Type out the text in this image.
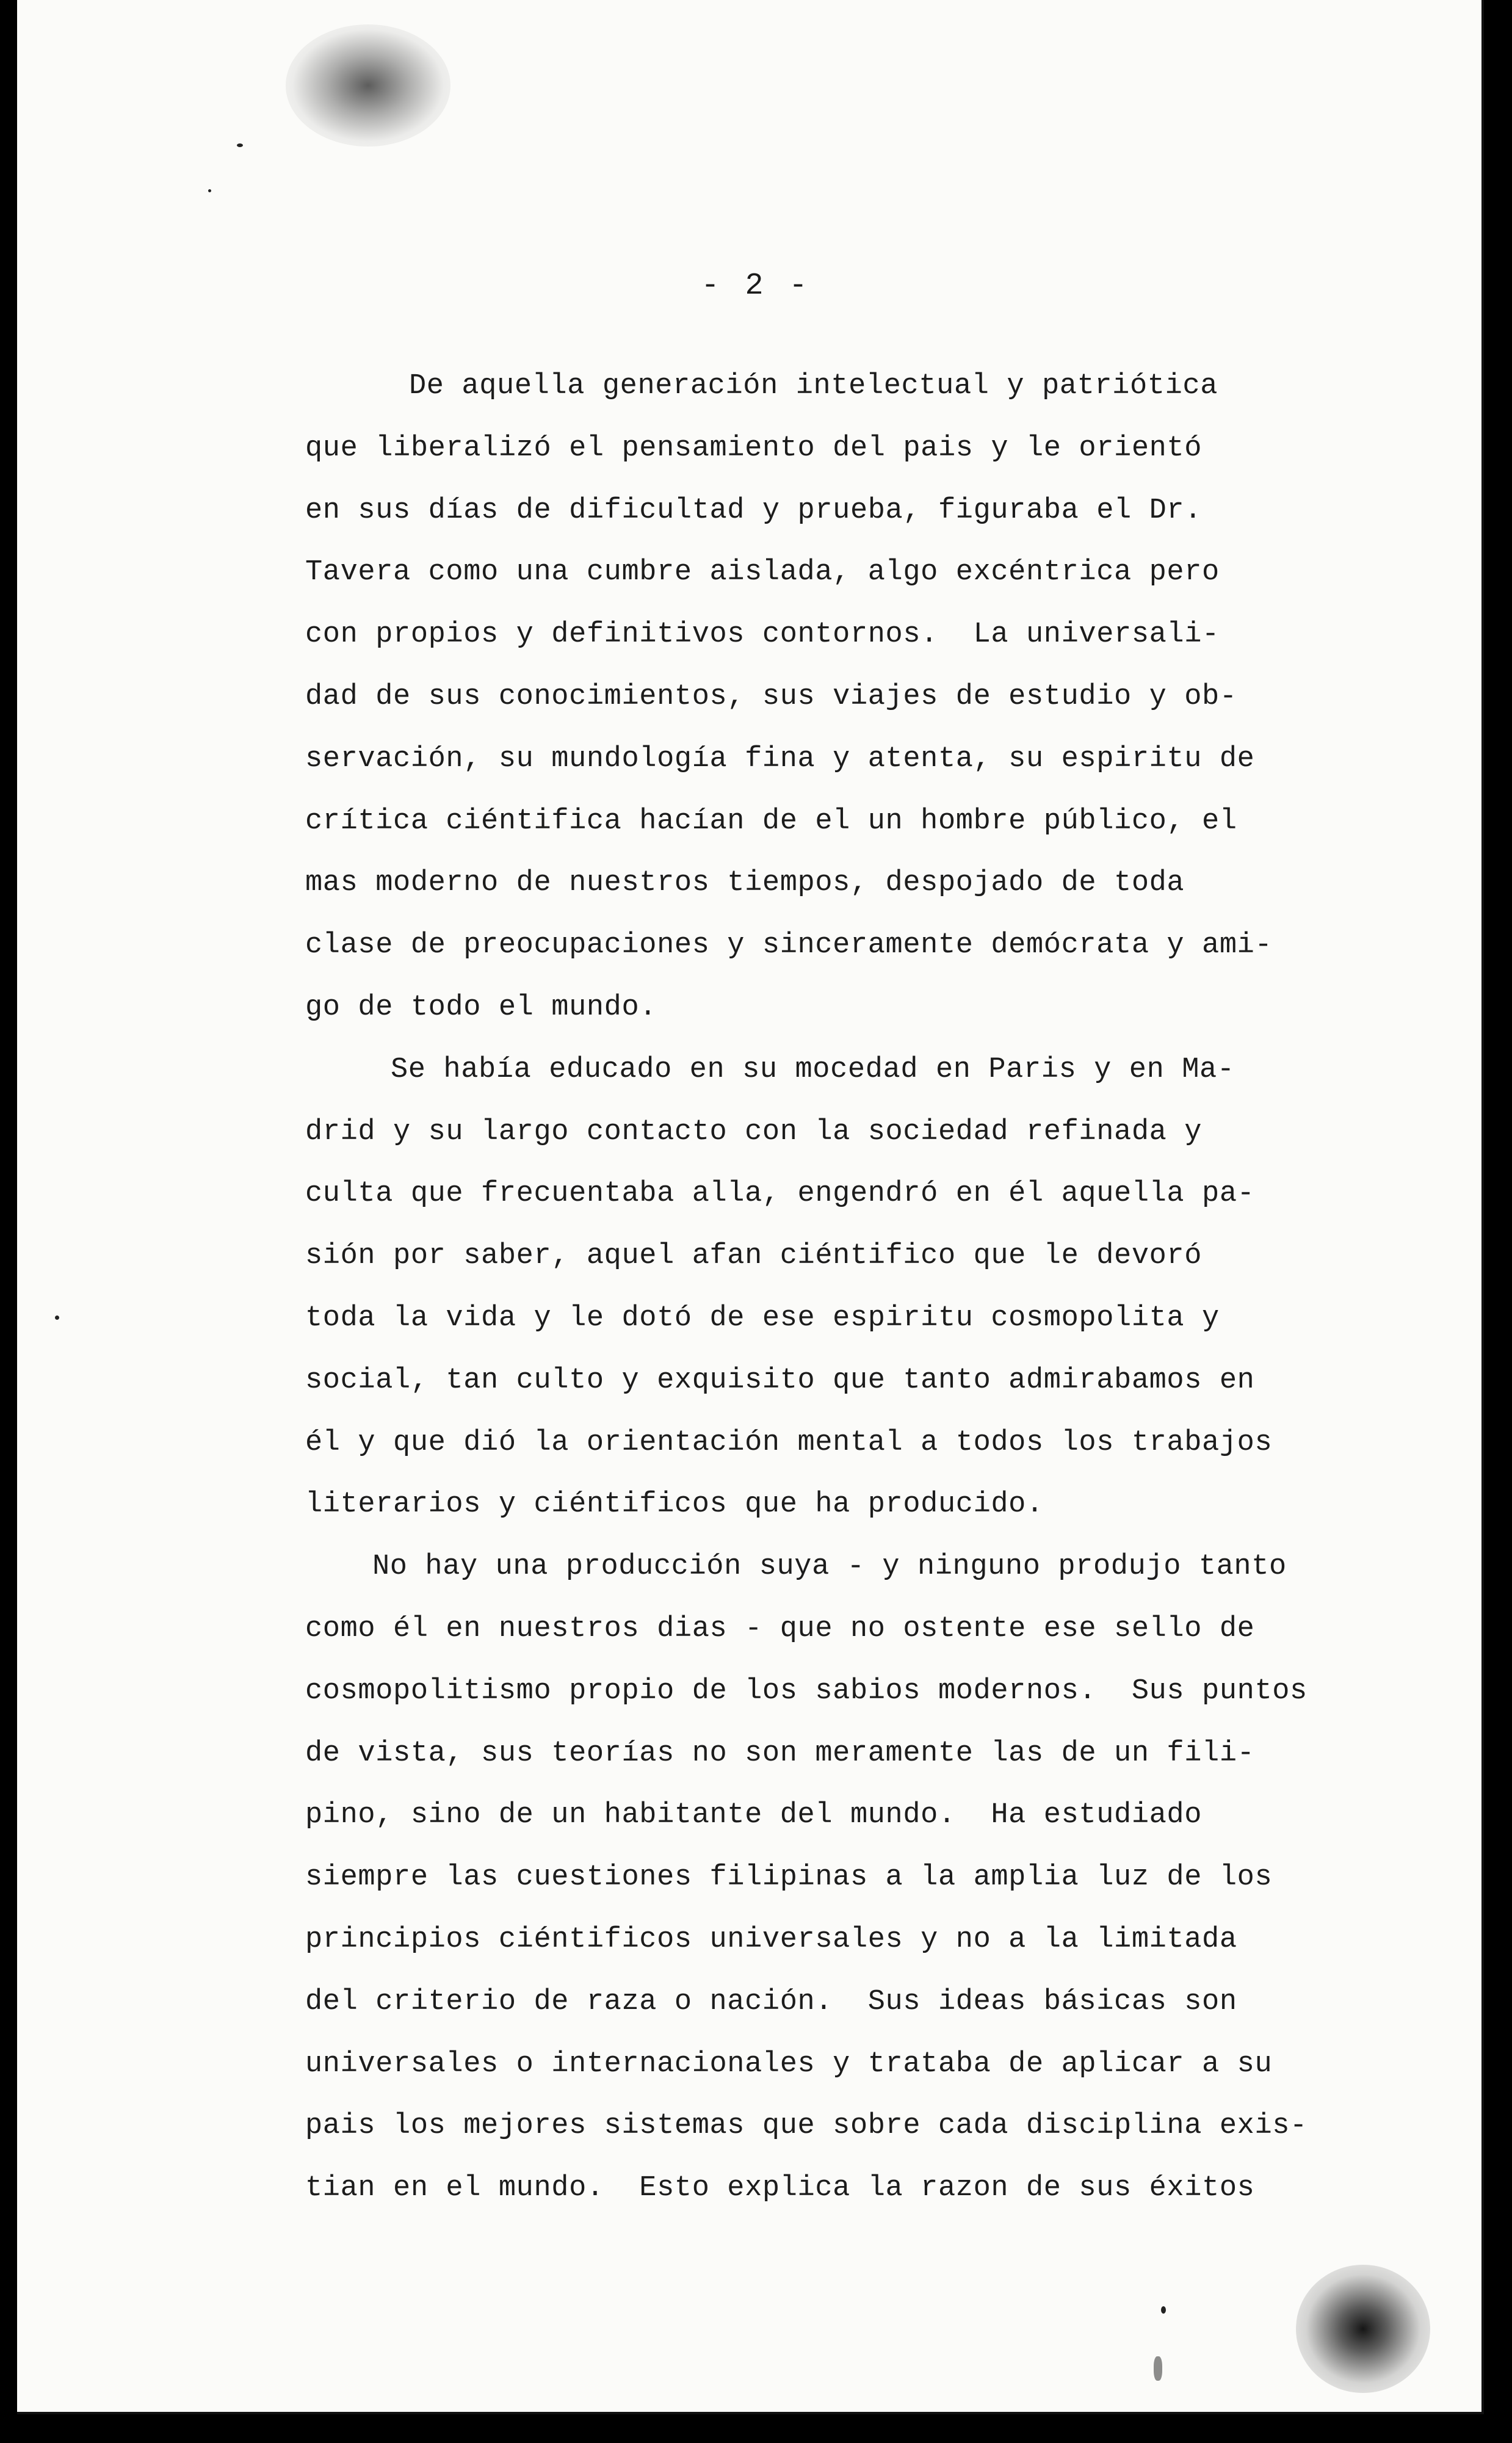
- 2 -

De aquella generación intelectual y patriótica
que liberalizó el pensamiento del pais y le orientó
en sus días de dificultad y prueba, figuraba el Dr.
Tavera como una cumbre aislada, algo excéntrica pero
con propios y definitivos contornos.  La universali-
dad de sus conocimientos, sus viajes de estudio y ob-
servación, su mundología fina y atenta, su espiritu de
crítica ciéntifica hacían de el un hombre público, el
mas moderno de nuestros tiempos, despojado de toda
clase de preocupaciones y sinceramente demócrata y ami-
go de todo el mundo.
Se había educado en su mocedad en Paris y en Ma-
drid y su largo contacto con la sociedad refinada y
culta que frecuentaba alla, engendró en él aquella pa-
sión por saber, aquel afan ciéntifico que le devoró
toda la vida y le dotó de ese espiritu cosmopolita y
social, tan culto y exquisito que tanto admirabamos en
él y que dió la orientación mental a todos los trabajos
literarios y ciéntificos que ha producido.
No hay una producción suya - y ninguno produjo tanto
como él en nuestros dias - que no ostente ese sello de
cosmopolitismo propio de los sabios modernos.  Sus puntos
de vista, sus teorías no son meramente las de un fili-
pino, sino de un habitante del mundo.  Ha estudiado
siempre las cuestiones filipinas a la amplia luz de los
principios ciéntificos universales y no a la limitada
del criterio de raza o nación.  Sus ideas básicas son
universales o internacionales y trataba de aplicar a su
pais los mejores sistemas que sobre cada disciplina exis-
tian en el mundo.  Esto explica la razon de sus éxitos
